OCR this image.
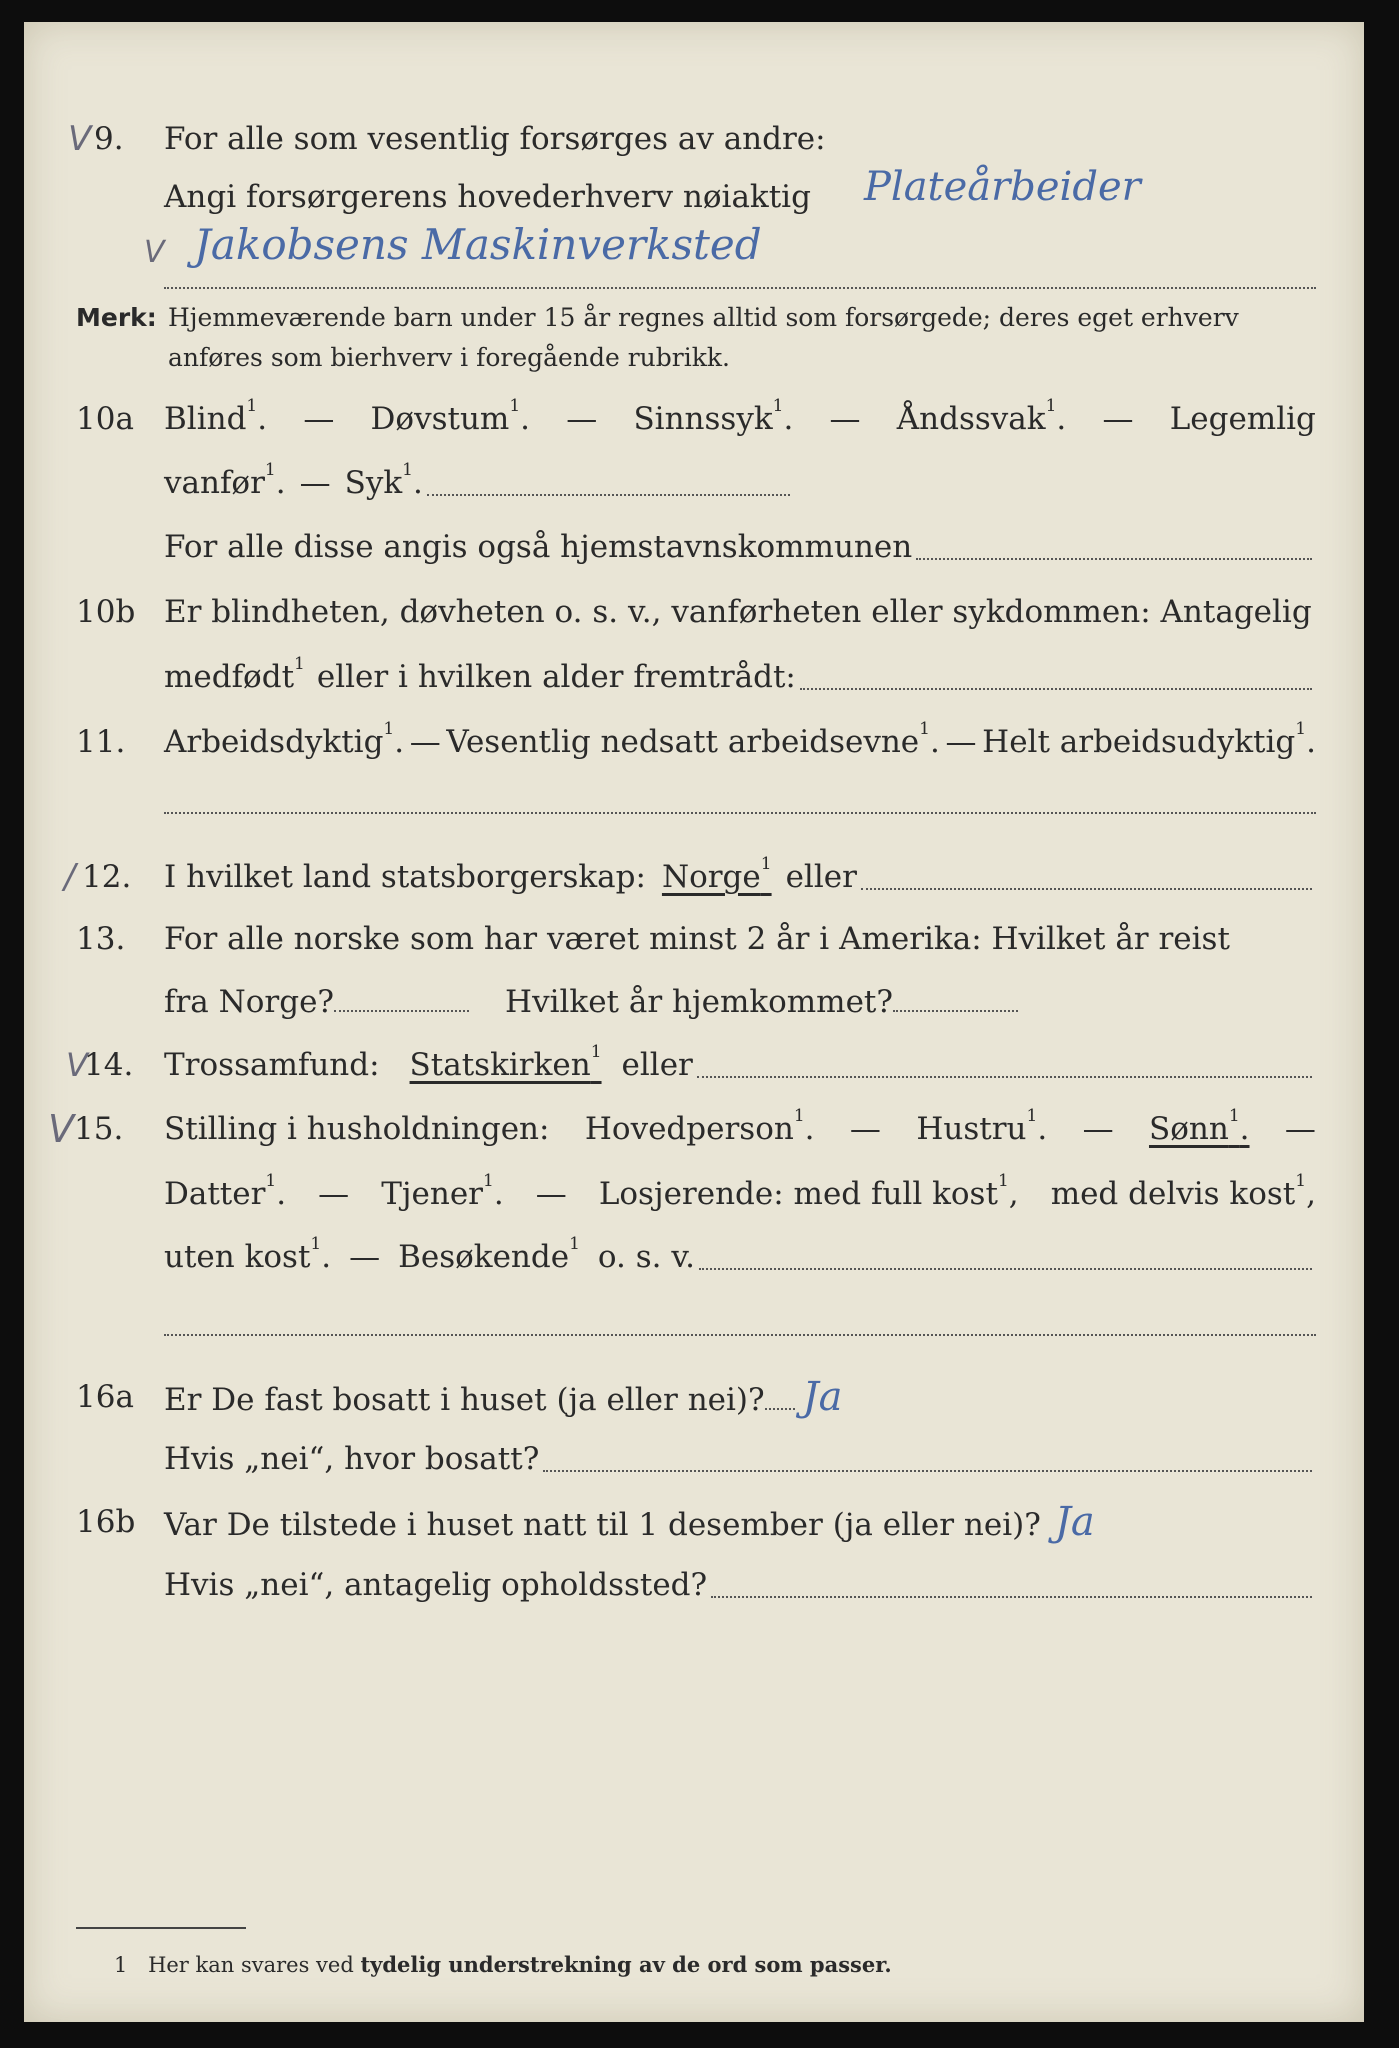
V 9.	For alle som vesentlig forsørges av andre:
Angi forsørgerens hovederhverv nøiaktig Plateårbeider
V Jakobsens Maskinverksted
Merk: Hjemmeværende barn under 15 år regnes alltid som forsørgede; deres eget erhverv
anføres som bierhverv i foregående rubrikk.
10a Blind$^1$. — Døvstum$^1$. — Sinnssyk$^1$. — Åndssvak$^1$. — Legemlig
vanfør$^1$. — Syk$^1$.
For alle disse angis også hjemstavnskommunen
10b Er blindheten, døvheten o. s. v., vanførheten eller sykdommen: Antagelig
medfødt$^1$ eller i hvilken alder fremtrådt:
11.	Arbeidsdyktig$^1$. — Vesentlig nedsatt arbeidsevne$^1$. — Helt arbeidsudyktig$^1$.
/ 12.	I hvilket land statsborgerskap: Norge$^1$ eller
13.	For alle norske som har været minst 2 år i Amerika: Hvilket år reist
fra Norge?	Hvilket år hjemkommet?
V
14. Trossamfund: Statskirken$^1$ eller
V 15.	Stilling i husholdningen: Hovedperson$^1$. — Hustru$^1$. — Sønn$^1$. —
Datter$^1$. — Tjener$^1$. — Losjerende: med full kost$^1$, med delvis kost$^1$,
uten kost$^1$. — Besøkende$^1$ o. s. v.
16a Er De fast bosatt i huset (ja eller nei)? Ja
Hvis „nei“, hvor bosatt?
16b Var De tilstede i huset natt til 1 desember (ja eller nei)? Ja
Hvis „nei“, antagelig opholdssted?
1 Her kan svares ved tydelig understrekning av de ord som passer.
